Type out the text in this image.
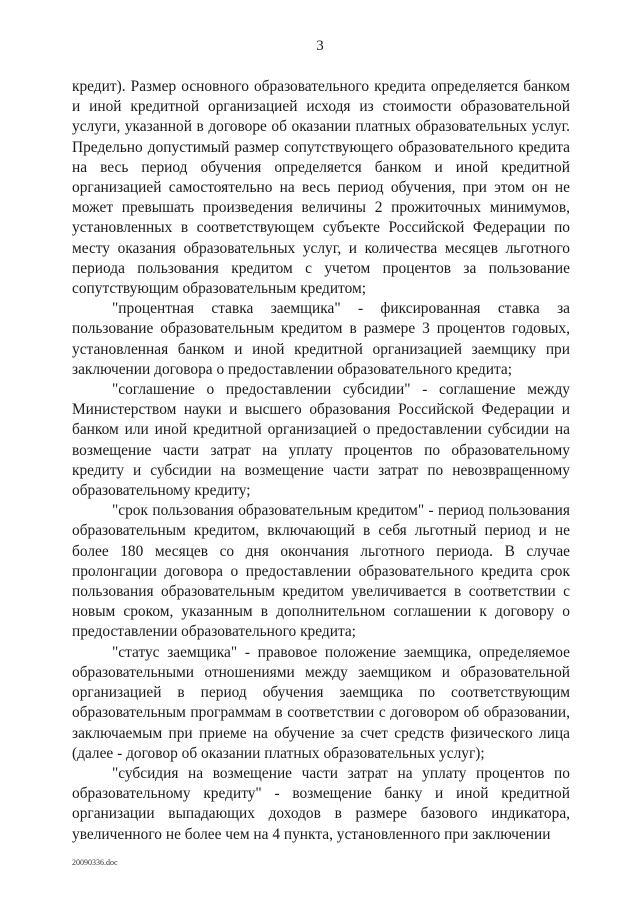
3

кредит). Размер основного образовательного кредита определяется банком и иной кредитной организацией исходя из стоимости образовательной услуги, указанной в договоре об оказании платных образовательных услуг. Предельно допустимый размер сопутствующего образовательного кредита на весь период обучения определяется банком и иной кредитной организацией самостоятельно на весь период обучения, при этом он не может превышать произведения величины 2 прожиточных минимумов, установленных в соответствующем субъекте Российской Федерации по месту оказания образовательных услуг, и количества месяцев льготного периода пользования кредитом с учетом процентов за пользование сопутствующим образовательным кредитом;

"процентная ставка заемщика" - фиксированная ставка за пользование образовательным кредитом в размере 3 процентов годовых, установленная банком и иной кредитной организацией заемщику при заключении договора о предоставлении образовательного кредита;

"соглашение о предоставлении субсидии" - соглашение между Министерством науки и высшего образования Российской Федерации и банком или иной кредитной организацией о предоставлении субсидии на возмещение части затрат на уплату процентов по образовательному кредиту и субсидии на возмещение части затрат по невозвращенному образовательному кредиту;

"срок пользования образовательным кредитом" - период пользования образовательным кредитом, включающий в себя льготный период и не более 180 месяцев со дня окончания льготного периода. В случае пролонгации договора о предоставлении образовательного кредита срок пользования образовательным кредитом увеличивается в соответствии с новым сроком, указанным в дополнительном соглашении к договору о предоставлении образовательного кредита;

"статус заемщика" - правовое положение заемщика, определяемое образовательными отношениями между заемщиком и образовательной организацией в период обучения заемщика по соответствующим образовательным программам в соответствии с договором об образовании, заключаемым при приеме на обучение за счет средств физического лица (далее - договор об оказании платных образовательных услуг);

"субсидия на возмещение части затрат на уплату процентов по образовательному кредиту" - возмещение банку и иной кредитной организации выпадающих доходов в размере базового индикатора, увеличенного не более чем на 4 пункта, установленного при заключении

20090336.doc
